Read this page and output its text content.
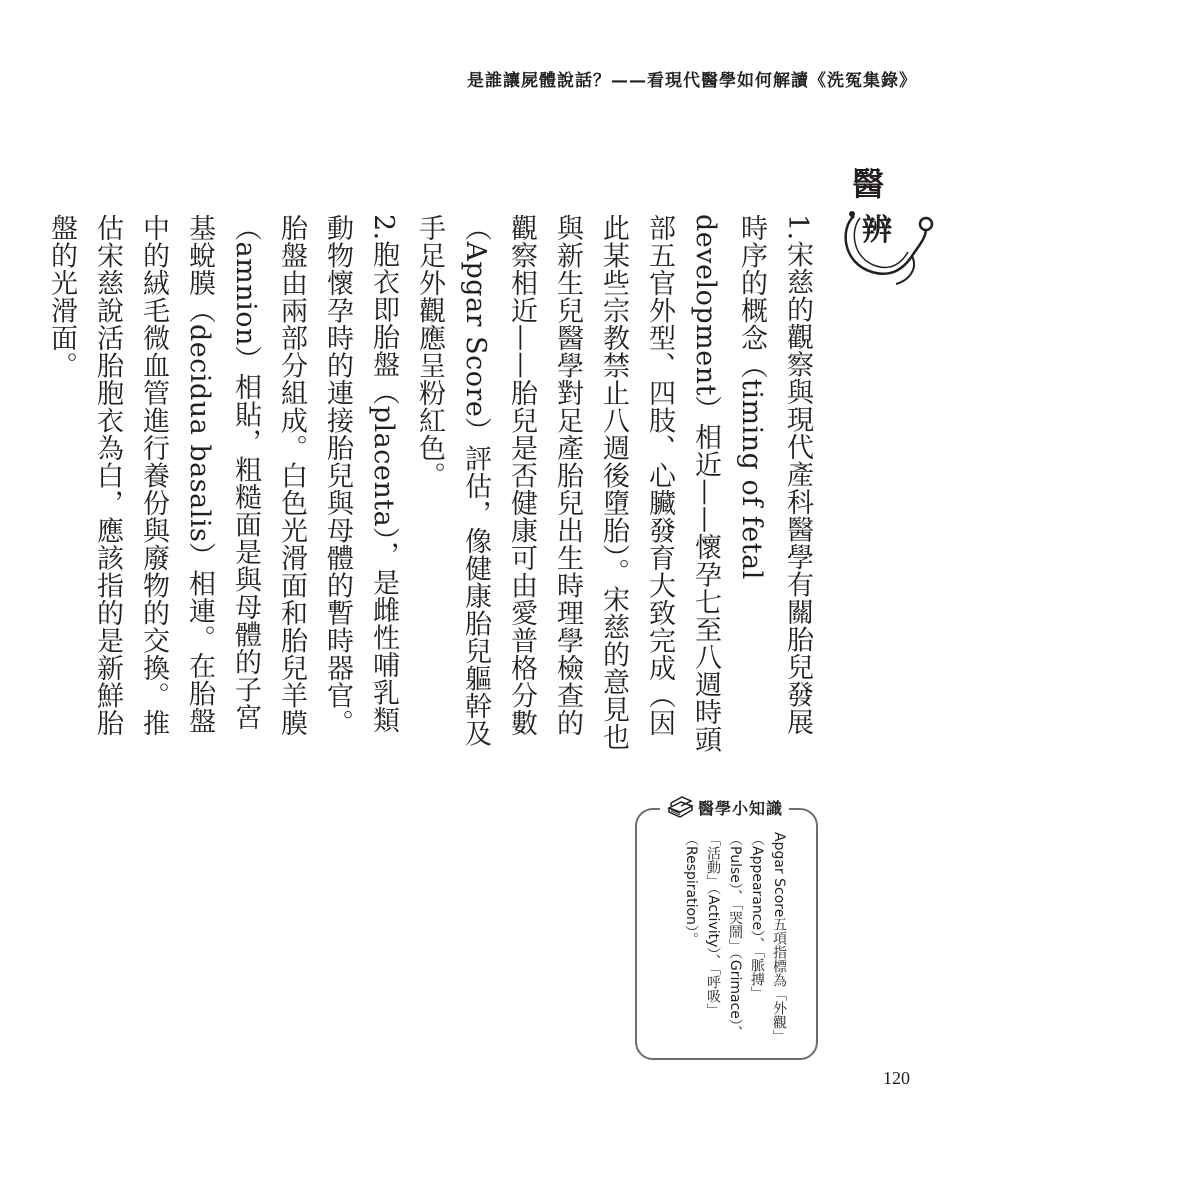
是誰讓屍體說話？——看現代醫學如何解讀《洗冤集錄》
醫
辨

1.宋慈的觀察與現代產科醫學有關胎兒發展時序的概念（timing of fetal development）相近——懷孕七至八週時頭部五官外型、四肢、心臟發育大致完成（因此某些宗教禁止八週後墮胎）。宋慈的意見也與新生兒醫學對足產胎兒出生時理學檢查的觀察相近——胎兒是否健康可由愛普格分數（Apgar Score）評估，像健康胎兒軀幹及手足外觀應呈粉紅色。

2.胞衣即胎盤（placenta），是雌性哺乳類動物懷孕時的連接胎兒與母體的暫時器官。胎盤由兩部分組成。白色光滑面和胎兒羊膜（amnion）相貼，粗糙面是與母體的子宮基蛻膜（decidua basalis）相連。在胎盤中的絨毛微血管進行養份與廢物的交換。推估宋慈說活胎胞衣為白，應該指的是新鮮胎盤的光滑面。

醫學小知識
Apgar Score五項指標為「外觀」（Appearance）、「脈搏」（Pulse）、「哭鬧」（Grimace）、「活動」（Activity）、「呼吸」（Respiration）。
120
